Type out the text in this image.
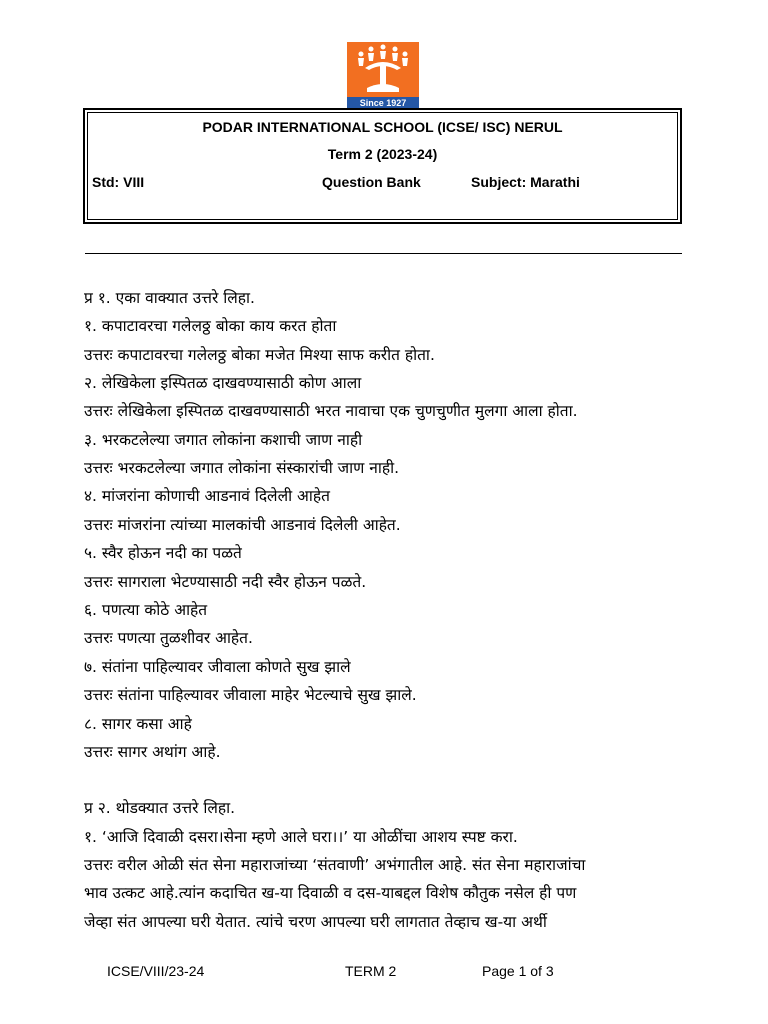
Since 1927
PODAR INTERNATIONAL SCHOOL (ICSE/ ISC) NERUL
Term 2 (2023-24)
Std: VIII	Question Bank	Subject: Marathi
प्र १. एका वाक्यात उत्तरे लिहा.
१. कपाटावरचा गलेलठ्ठ बोका काय करत होता
उत्तरः कपाटावरचा गलेलठ्ठ बोका मजेत मिश्या साफ करीत होता.
२. लेखिकेला इस्पितळ दाखवण्यासाठी कोण आला
उत्तरः लेखिकेला इस्पितळ दाखवण्यासाठी भरत नावाचा एक चुणचुणीत मुलगा आला होता.
३. भरकटलेल्या जगात लोकांना कशाची जाण नाही
उत्तरः भरकटलेल्या जगात लोकांना संस्कारांची जाण नाही.
४. मांजरांना कोणाची आडनावं दिलेली आहेत
उत्तरः मांजरांना त्यांच्या मालकांची आडनावं दिलेली आहेत.
५. स्वैर होऊन नदी का पळते
उत्तरः सागराला भेटण्यासाठी नदी स्वैर होऊन पळते.
६. पणत्या कोठे आहेत
उत्तरः पणत्या तुळशीवर आहेत.
७. संतांना पाहिल्यावर जीवाला कोणते सुख झाले
उत्तरः संतांना पाहिल्यावर जीवाला माहेर भेटल्याचे सुख झाले.
८. सागर कसा आहे
उत्तरः सागर अथांग आहे.
प्र २. थोडक्यात उत्तरे लिहा.
१. ‘आजि दिवाळी दसरा।सेना म्हणे आले घरा।।’ या ओळींचा आशय स्पष्ट करा.
उत्तरः वरील ओळी संत सेना महाराजांच्या ‘संतवाणी’ अभंगातील आहे. संत सेना महाराजांचा
भाव उत्कट आहे.त्यांन कदाचित ख-या दिवाळी व दस-याबद्दल विशेष कौतुक नसेल ही पण
जेव्हा संत आपल्या घरी येतात. त्यांचे चरण आपल्या घरी लागतात तेव्हाच ख-या अर्थी
ICSE/VIII/23-24	TERM 2	Page 1 of 3
